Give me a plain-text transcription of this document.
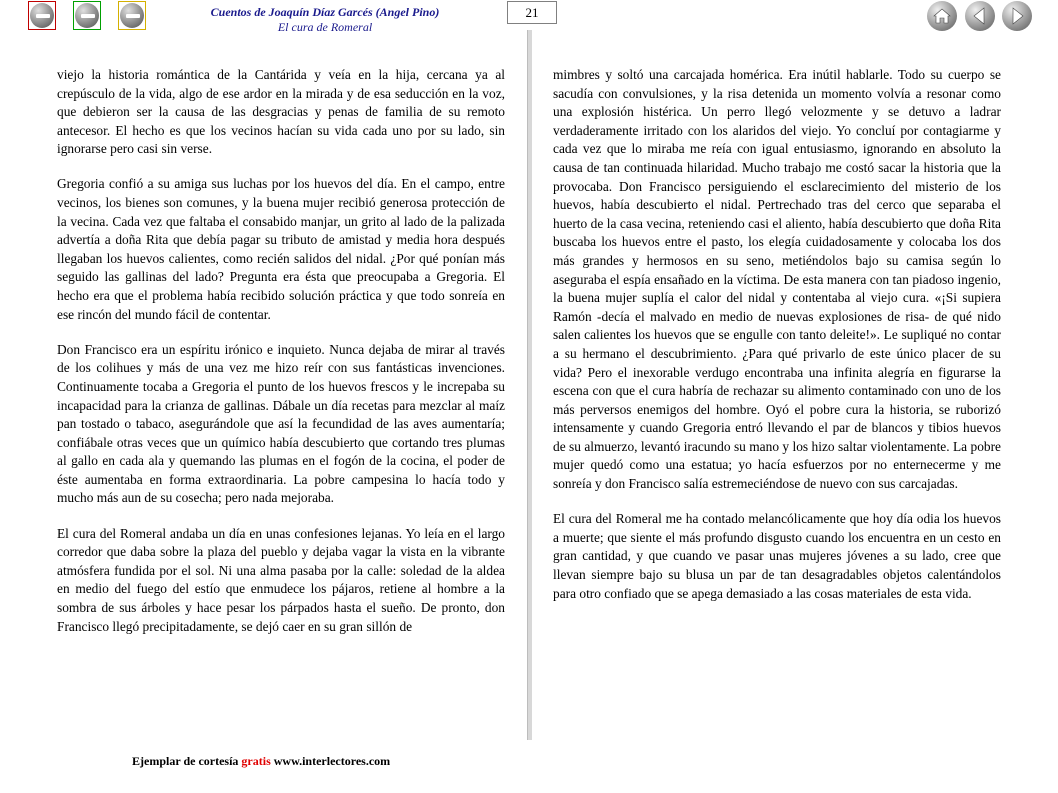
Cuentos de Joaquín Díaz Garcés (Angel Pino)
El cura de Romeral
21

viejo la historia romántica de la Cantárida y veía en la hija, cercana ya al crepúsculo de la vida, algo de ese ardor en la mirada y de esa seducción en la voz, que debieron ser la causa de las desgracias y penas de familia de su remoto antecesor. El hecho es que los vecinos hacían su vida cada uno por su lado, sin ignorarse pero casi sin verse.

Gregoria confió a su amiga sus luchas por los huevos del día. En el campo, entre vecinos, los bienes son comunes, y la buena mujer recibió generosa protección de la vecina. Cada vez que faltaba el consabido manjar, un grito al lado de la palizada advertía a doña Rita que debía pagar su tributo de amistad y media hora después llegaban los huevos calientes, como recién salidos del nidal. ¿Por qué ponían más seguido las gallinas del lado? Pregunta era ésta que preocupaba a Gregoria. El hecho era que el problema había recibido solución práctica y que todo sonreía en ese rincón del mundo fácil de contentar.

Don Francisco era un espíritu irónico e inquieto. Nunca dejaba de mirar al través de los colihues y más de una vez me hizo reír con sus fantásticas invenciones. Continuamente tocaba a Gregoria el punto de los huevos frescos y le increpaba su incapacidad para la crianza de gallinas. Dábale un día recetas para mezclar al maíz pan tostado o tabaco, asegurándole que así la fecundidad de las aves aumentaría; confiábale otras veces que un químico había descubierto que cortando tres plumas al gallo en cada ala y quemando las plumas en el fogón de la cocina, el poder de éste aumentaba en forma extraordinaria. La pobre campesina lo hacía todo y mucho más aun de su cosecha; pero nada mejoraba.

El cura del Romeral andaba un día en unas confesiones lejanas. Yo leía en el largo corredor que daba sobre la plaza del pueblo y dejaba vagar la vista en la vibrante atmósfera fundida por el sol. Ni una alma pasaba por la calle: soledad de la aldea en medio del fuego del estío que enmudece los pájaros, retiene al hombre a la sombra de sus árboles y hace pesar los párpados hasta el sueño. De pronto, don Francisco llegó precipitadamente, se dejó caer en su gran sillón de

mimbres y soltó una carcajada homérica. Era inútil hablarle. Todo su cuerpo se sacudía con convulsiones, y la risa detenida un momento volvía a resonar como una explosión histérica. Un perro llegó velozmente y se detuvo a ladrar verdaderamente irritado con los alaridos del viejo. Yo concluí por contagiarme y cada vez que lo miraba me reía con igual entusiasmo, ignorando en absoluto la causa de tan continuada hilaridad. Mucho trabajo me costó sacar la historia que la provocaba. Don Francisco persiguiendo el esclarecimiento del misterio de los huevos, había descubierto el nidal. Pertrechado tras del cerco que separaba el huerto de la casa vecina, reteniendo casi el aliento, había descubierto que doña Rita buscaba los huevos entre el pasto, los elegía cuidadosamente y colocaba los dos más grandes y hermosos en su seno, metiéndolos bajo su camisa según lo aseguraba el espía ensañado en la víctima. De esta manera con tan piadoso ingenio, la buena mujer suplía el calor del nidal y contentaba al viejo cura. «¡Si supiera Ramón -decía el malvado en medio de nuevas explosiones de risa- de qué nido salen calientes los huevos que se engulle con tanto deleite!». Le supliqué no contar a su hermano el descubrimiento. ¿Para qué privarlo de este único placer de su vida? Pero el inexorable verdugo encontraba una infinita alegría en figurarse la escena con que el cura habría de rechazar su alimento contaminado con uno de los más perversos enemigos del hombre. Oyó el pobre cura la historia, se ruborizó intensamente y cuando Gregoria entró llevando el par de blancos y tibios huevos de su almuerzo, levantó iracundo su mano y los hizo saltar violentamente. La pobre mujer quedó como una estatua; yo hacía esfuerzos por no enternecerme y me sonreía y don Francisco salía estremeciéndose de nuevo con sus carcajadas.

El cura del Romeral me ha contado melancólicamente que hoy día odia los huevos a muerte; que siente el más profundo disgusto cuando los encuentra en un cesto en gran cantidad, y que cuando ve pasar unas mujeres jóvenes a su lado, cree que llevan siempre bajo su blusa un par de tan desagradables objetos calentándolos para otro confiado que se apega demasiado a las cosas materiales de esta vida.

Ejemplar de cortesía gratis www.interlectores.com
